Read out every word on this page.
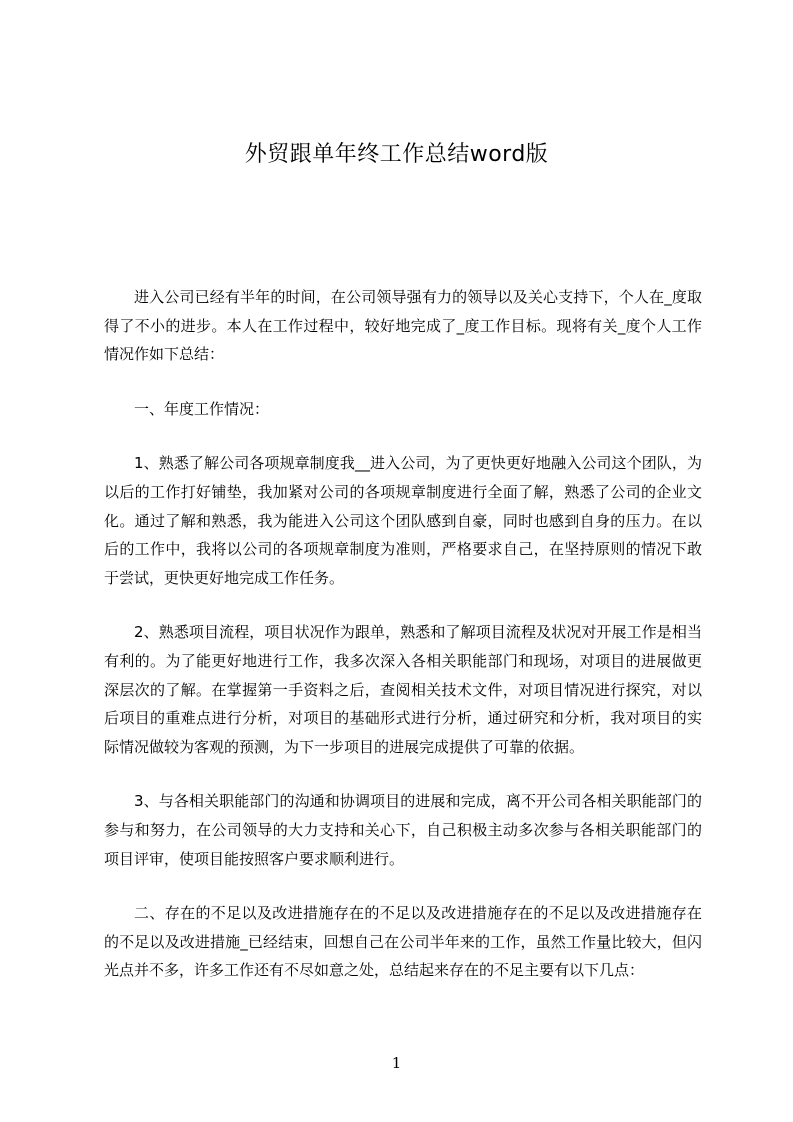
外贸跟单年终工作总结word版

进入公司已经有半年的时间，在公司领导强有力的领导以及关心支持下，个人在_度取得了不小的进步。本人在工作过程中，较好地完成了_度工作目标。现将有关_度个人工作情况作如下总结：

一、年度工作情况：

1、熟悉了解公司各项规章制度我__进入公司，为了更快更好地融入公司这个团队，为以后的工作打好铺垫，我加紧对公司的各项规章制度进行全面了解，熟悉了公司的企业文化。通过了解和熟悉，我为能进入公司这个团队感到自豪，同时也感到自身的压力。在以后的工作中，我将以公司的各项规章制度为准则，严格要求自己，在坚持原则的情况下敢于尝试，更快更好地完成工作任务。

2、熟悉项目流程，项目状况作为跟单，熟悉和了解项目流程及状况对开展工作是相当有利的。为了能更好地进行工作，我多次深入各相关职能部门和现场，对项目的进展做更深层次的了解。在掌握第一手资料之后，查阅相关技术文件，对项目情况进行探究，对以后项目的重难点进行分析，对项目的基础形式进行分析，通过研究和分析，我对项目的实际情况做较为客观的预测，为下一步项目的进展完成提供了可靠的依据。

3、与各相关职能部门的沟通和协调项目的进展和完成，离不开公司各相关职能部门的参与和努力，在公司领导的大力支持和关心下，自己积极主动多次参与各相关职能部门的项目评审，使项目能按照客户要求顺利进行。

二、存在的不足以及改进措施存在的不足以及改进措施存在的不足以及改进措施存在的不足以及改进措施_已经结束，回想自己在公司半年来的工作，虽然工作量比较大，但闪光点并不多，许多工作还有不尽如意之处，总结起来存在的不足主要有以下几点：

1
